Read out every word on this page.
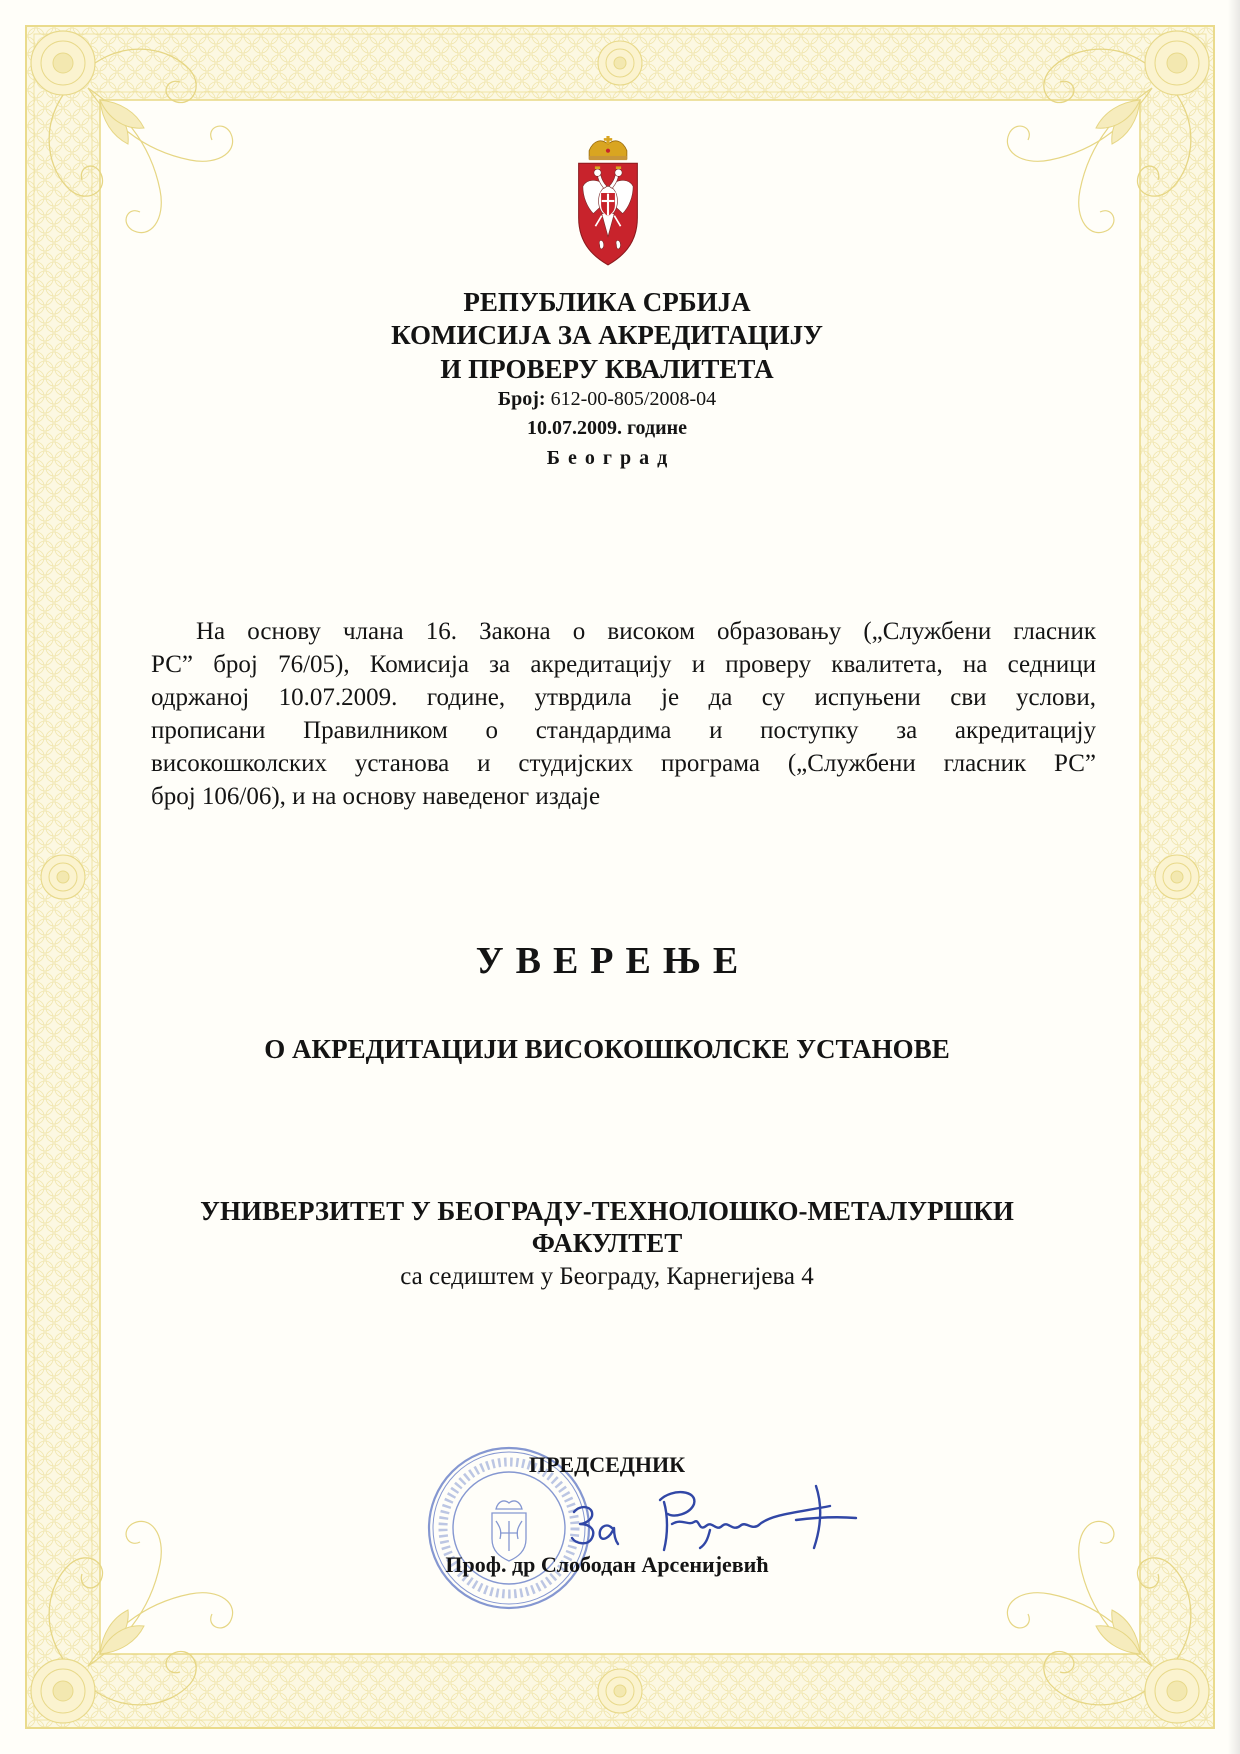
РЕПУБЛИКА СРБИЈА
КОМИСИЈА ЗА АКРЕДИТАЦИЈУ
И ПРОВЕРУ КВАЛИТЕТА
Број: 612-00-805/2008-04
10.07.2009. године
Београд
На основу члана 16. Закона о високом образовању („Службени гласник
РС” број 76/05), Комисија за акредитацију и проверу квалитета, на седници
одржаној 10.07.2009. године, утврдила је да су испуњени сви услови,
прописани Правилником о стандардима и поступку за акредитацију
високошколских установа и студијских програма („Службени гласник РС”
број 106/06), и на основу наведеног издаје
УВЕРЕЊЕ
О АКРЕДИТАЦИЈИ ВИСОКОШКОЛСКЕ УСТАНОВЕ
УНИВЕРЗИТЕТ У БЕОГРАДУ-ТЕХНОЛОШКО-МЕТАЛУРШКИ
ФАКУЛТЕТ
са седиштем у Београду, Карнегијева 4
ПРЕДСЕДНИК
Проф. др Слободан Арсенијевић
